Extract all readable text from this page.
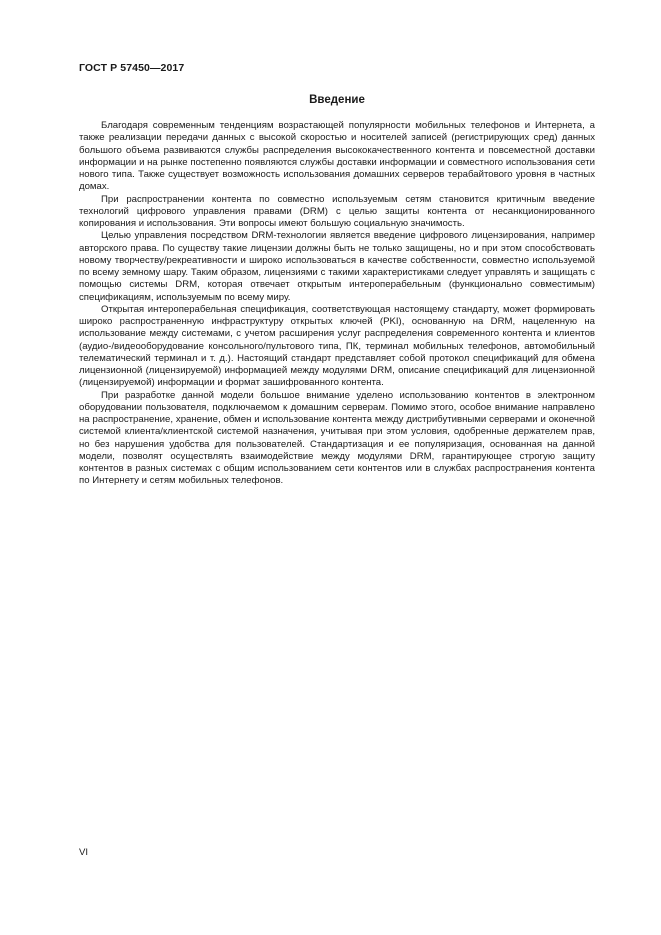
ГОСТ Р 57450—2017
Введение

Благодаря современным тенденциям возрастающей популярности мобильных телефонов и Интернета, а также реализации передачи данных с высокой скоростью и носителей записей (регистрирующих сред) данных большого объема развиваются службы распределения высококачественного контента и повсеместной доставки информации и на рынке постепенно появляются службы доставки информации и совместного использования сети нового типа. Также существует возможность использования домашних серверов терабайтового уровня в частных домах.

При распространении контента по совместно используемым сетям становится критичным введение технологий цифрового управления правами (DRM) с целью защиты контента от несанкционированного копирования и использования. Эти вопросы имеют большую социальную значимость.

Целью управления посредством DRM-технологии является введение цифрового лицензирования, например авторского права. По существу такие лицензии должны быть не только защищены, но и при этом способствовать новому творчеству/рекреативности и широко использоваться в качестве собственности, совместно используемой по всему земному шару. Таким образом, лицензиями с такими характеристиками следует управлять и защищать с помощью системы DRM, которая отвечает открытым интероперабельным (функционально совместимым) спецификациям, используемым по всему миру.

Открытая интероперабельная спецификация, соответствующая настоящему стандарту, может формировать широко распространенную инфраструктуру открытых ключей (PKI), основанную на DRM, нацеленную на использование между системами, с учетом расширения услуг распределения современного контента и клиентов (аудио-/видеооборудование консольного/пультового типа, ПК, терминал мобильных телефонов, автомобильный телематический терминал и т. д.). Настоящий стандарт представляет собой протокол спецификаций для обмена лицензионной (лицензируемой) информацией между модулями DRM, описание спецификаций для лицензионной (лицензируемой) информации и формат зашифрованного контента.

При разработке данной модели большое внимание уделено использованию контентов в электронном оборудовании пользователя, подключаемом к домашним серверам. Помимо этого, особое внимание направлено на распространение, хранение, обмен и использование контента между дистрибутивными серверами и оконечной системой клиента/клиентской системой назначения, учитывая при этом условия, одобренные держателем прав, но без нарушения удобства для пользователей. Стандартизация и ее популяризация, основанная на данной модели, позволят осуществлять взаимодействие между модулями DRM, гарантирующее строгую защиту контентов в разных системах с общим использованием сети контентов или в службах распространения контента по Интернету и сетям мобильных телефонов.

VI
